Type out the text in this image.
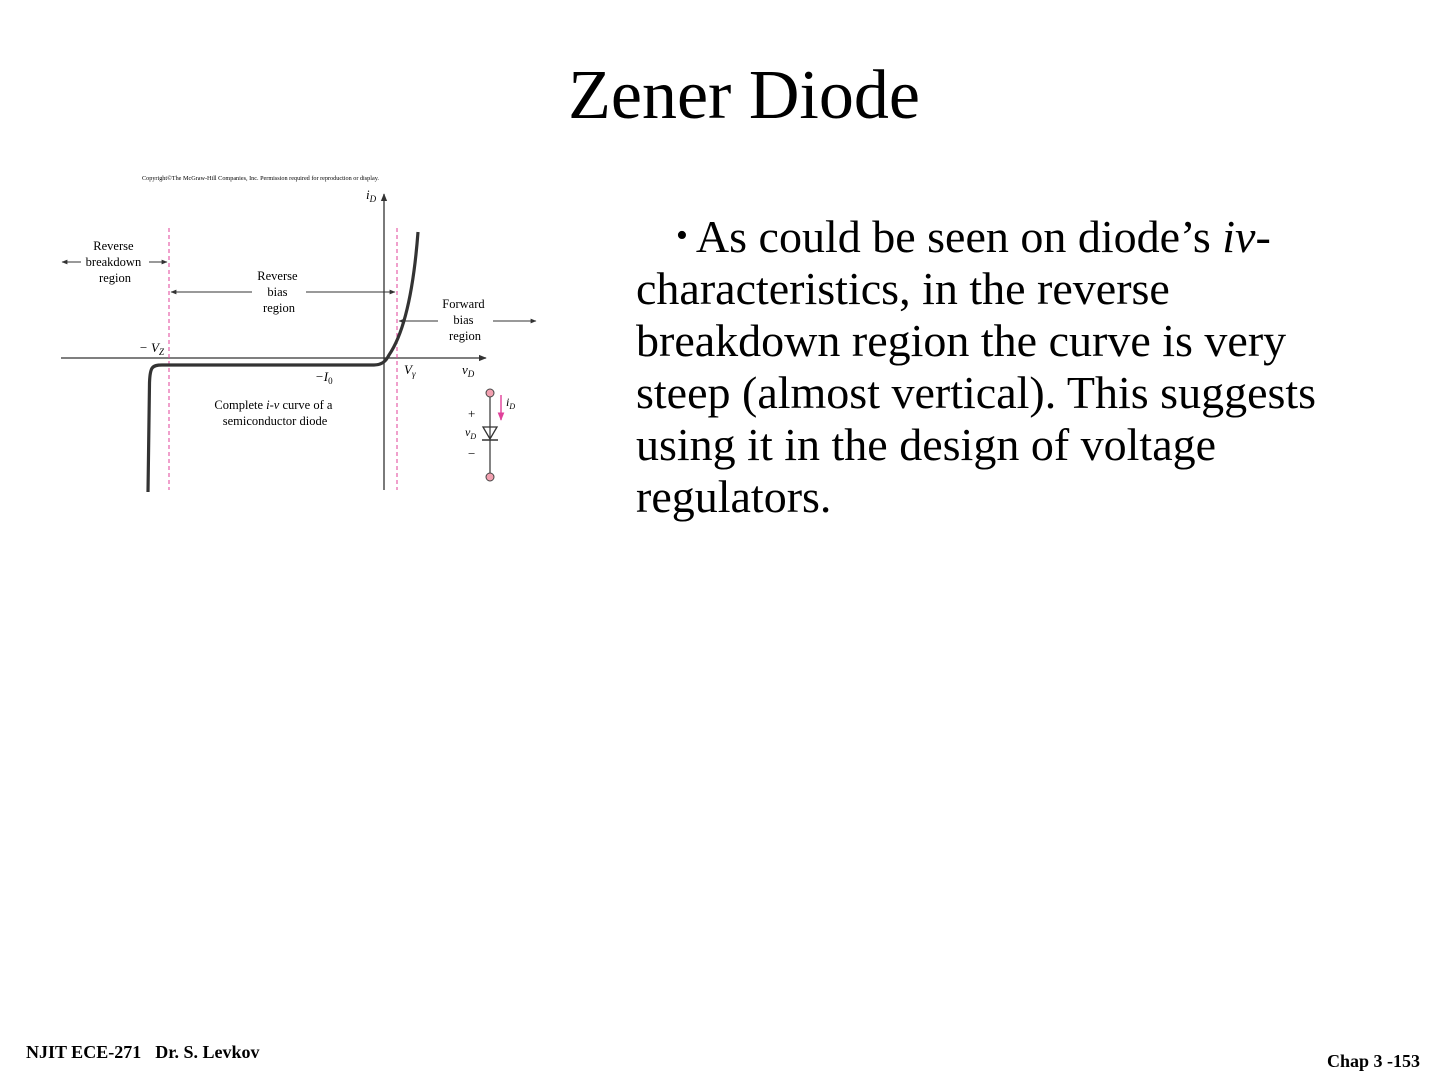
Zener Diode
Copyright©The McGraw-Hill Companies, Inc. Permission required for reproduction or display.
$i_D$
$v_D$
Reverse breakdown region	Reverse bias region	Forward bias region
− $V_Z$
$-I_0$
$V_\gamma$
Complete i-v curve of a semiconductor diode
$i_D$
+
$v_D$
−
• As could be seen on diode’s iv-characteristics, in the reverse breakdown region the curve is very steep (almost vertical). This suggests using it in the design of voltage regulators.
NJIT ECE-271 Dr. S. Levkov	Chap 3 -153
